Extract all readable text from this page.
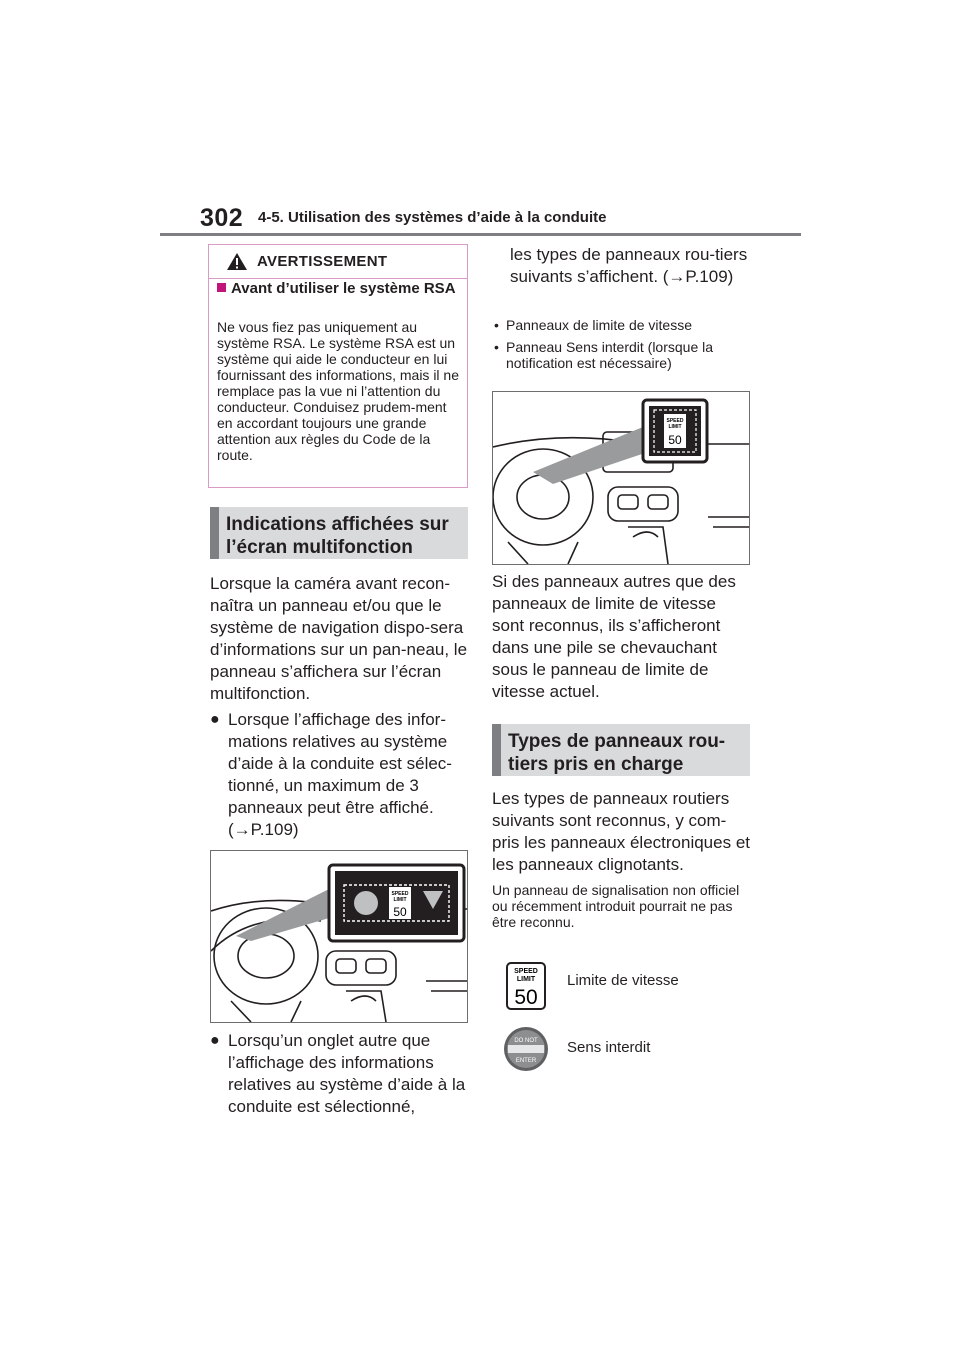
302 4-5. Utilisation des systèmes d’aide à la conduite
AVERTISSEMENT
Avant d’utiliser le système RSA
Ne vous fiez pas uniquement au système RSA. Le système RSA est un système qui aide le conducteur en lui fournissant des informations, mais il ne remplace pas la vue ni l’attention du conducteur. Conduisez prudem-ment en accordant toujours une grande attention aux règles du Code de la route.
Indications affichées sur l’écran multifonction
Lorsque la caméra avant recon-naîtra un panneau et/ou que le système de navigation dispo-sera d’informations sur un pan-neau, le panneau s’affichera sur l’écran multifonction.
● Lorsque l’affichage des infor-mations relatives au système d’aide à la conduite est sélec-tionné, un maximum de 3 panneaux peut être affiché. (→P.109)
SPEED
LIMIT
50
● Lorsqu’un onglet autre que l’affichage des informations relatives au système d’aide à la conduite est sélectionné,
les types de panneaux rou-tiers suivants s’affichent. (→P.109)
• Panneaux de limite de vitesse
• Panneau Sens interdit (lorsque la notification est nécessaire)
SPEED
LIMIT
50
Si des panneaux autres que des panneaux de limite de vitesse sont reconnus, ils s’afficheront dans une pile se chevauchant sous le panneau de limite de vitesse actuel.
Types de panneaux rou-tiers pris en charge
Les types de panneaux routiers suivants sont reconnus, y com-pris les panneaux électroniques et les panneaux clignotants.
Un panneau de signalisation non officiel ou récemment introduit pourrait ne pas être reconnu.
SPEED
LIMIT
50
Limite de vitesse
DO NOT
ENTER
Sens interdit
